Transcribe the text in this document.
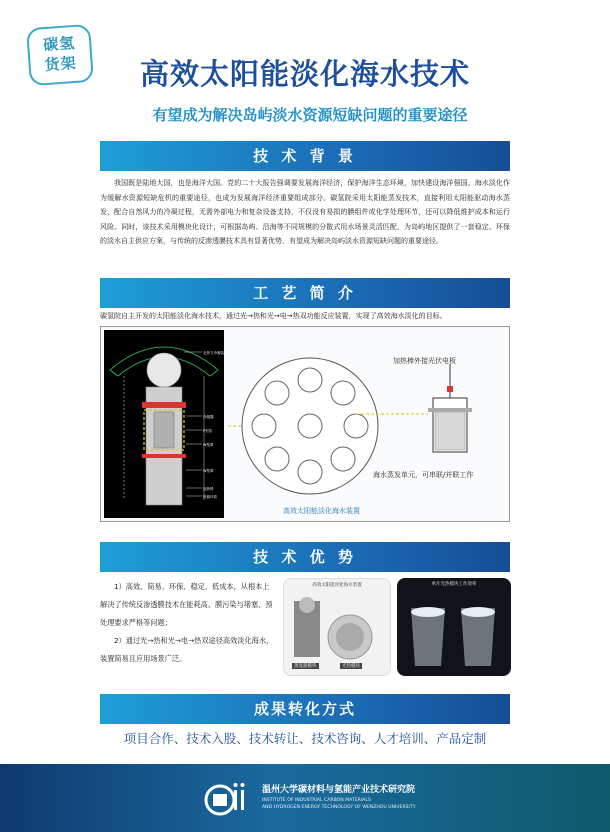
碳氢
货架	高效太阳能淡化海水技术
有望成为解决岛屿淡水资源短缺问题的重要途径
技 术 背 景
我国既是陆地大国，也是海洋大国。党的二十大报告强调要发展海洋经济，保护海洋生态环境，加快建设海洋强国。海水淡化作为缓解水资源短缺危机的重要途径，也成为发展海洋经济重要组成部分。碳氢院采用太阳能蒸发技术，直接利用太阳能驱动海水蒸发，配合自然风力的冷凝过程，无需外部电力和复杂设备支持，不仅没有易损的膜组件或化学处理环节，还可以降低维护成本和运行风险。同时，该技术采用模块化设计，可根据岛屿、沿海等不同规模的分散式用水场景灵活匹配，为岛屿地区提供了一套稳定、环保的淡水自主供应方案，与传统的反渗透膜技术具有显著优势，有望成为解决岛屿淡水资源短缺问题的重要途径。
工 艺 简 介
碳氢院自主开发的太阳能淡化海水技术，通过光→热和光→电→热双功能反应装置，实现了高效海水淡化的目标。
无热力冷凝装置
冷凝器
P型泵
W型罩
W型罩
加热棒
热循环管
加热棒外接光伏电板
海水蒸发单元，可串联/并联工作
高效太阳能淡化海水装置
技 术 优 势
1）高效、简易、环保、稳定、低成本，从根本上解决了传统反渗透膜技术在能耗高、膜污染与堵塞、预处理要求严格等问题；
2）通过光→热和光→电→热双途径高效淡化海水，装置简易且应用场景广泛。
高效太阳能淡化海水装置
蒸发器模块	光热模块
单片光热模块工作效率
成果转化方式
项目合作、技术入股、技术转让、技术咨询、人才培训、产品定制
温州大学碳材料与氢能产业技术研究院
INSTITUTE OF INDUSTRIAL CARBON MATERIALS
AND HYDROGEN ENERGY TECHNOLOGY OF WENZHOU UNIVERSITY
